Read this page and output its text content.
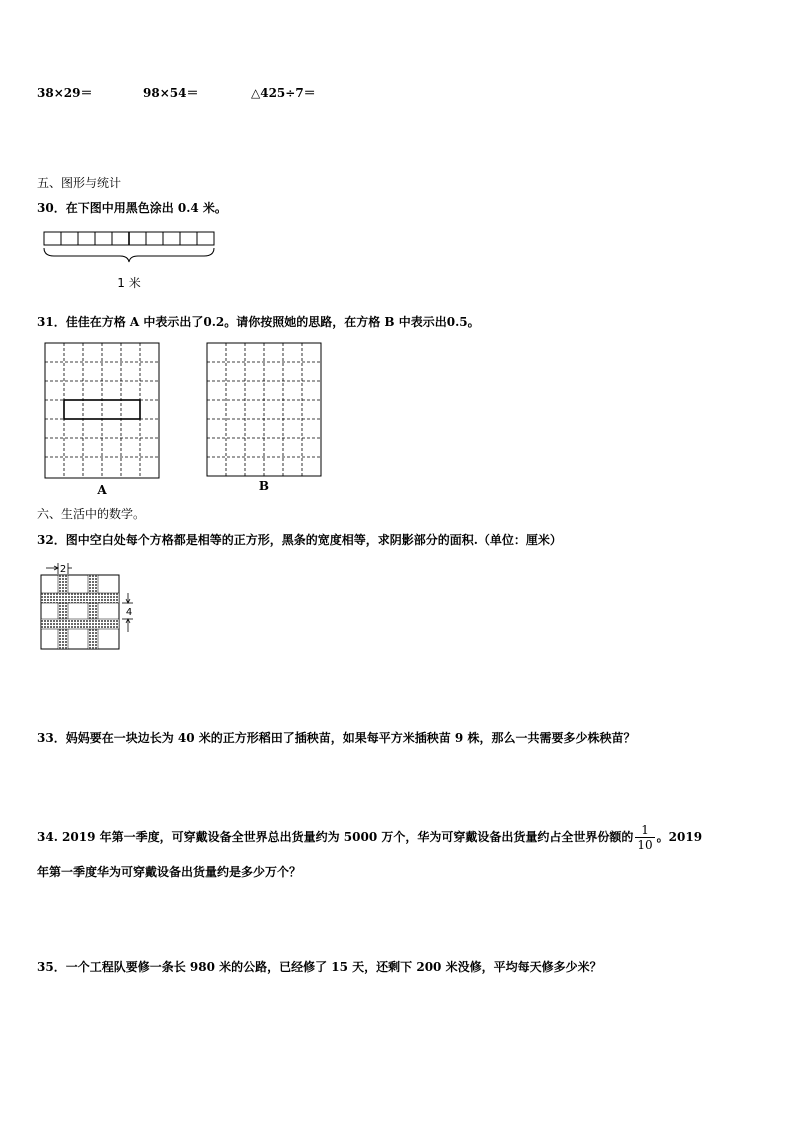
38×29＝	98×54＝	△425÷7＝
五、图形与统计
30．在下图中用黑色涂出 0.4 米。
1 米
31．佳佳在方格 A 中表示出了0.2。请你按照她的思路，在方格 B 中表示出0.5。
A	B
六、生活中的数学。
32．图中空白处每个方格都是相等的正方形，黑条的宽度相等，求阴影部分的面积.（单位：厘米）
2
4
33．妈妈要在一块边长为 40 米的正方形稻田了插秧苗，如果每平方米插秧苗 9 株，那么一共需要多少株秧苗？
34. 2019 年第一季度，可穿戴设备全世界总出货量约为 5000 万个，华为可穿戴设备出货量约占全世界份额的 $\frac{1}{10}$ 。2019
年第一季度华为可穿戴设备出货量约是多少万个？
35．一个工程队要修一条长 980 米的公路，已经修了 15 天，还剩下 200 米没修，平均每天修多少米？
